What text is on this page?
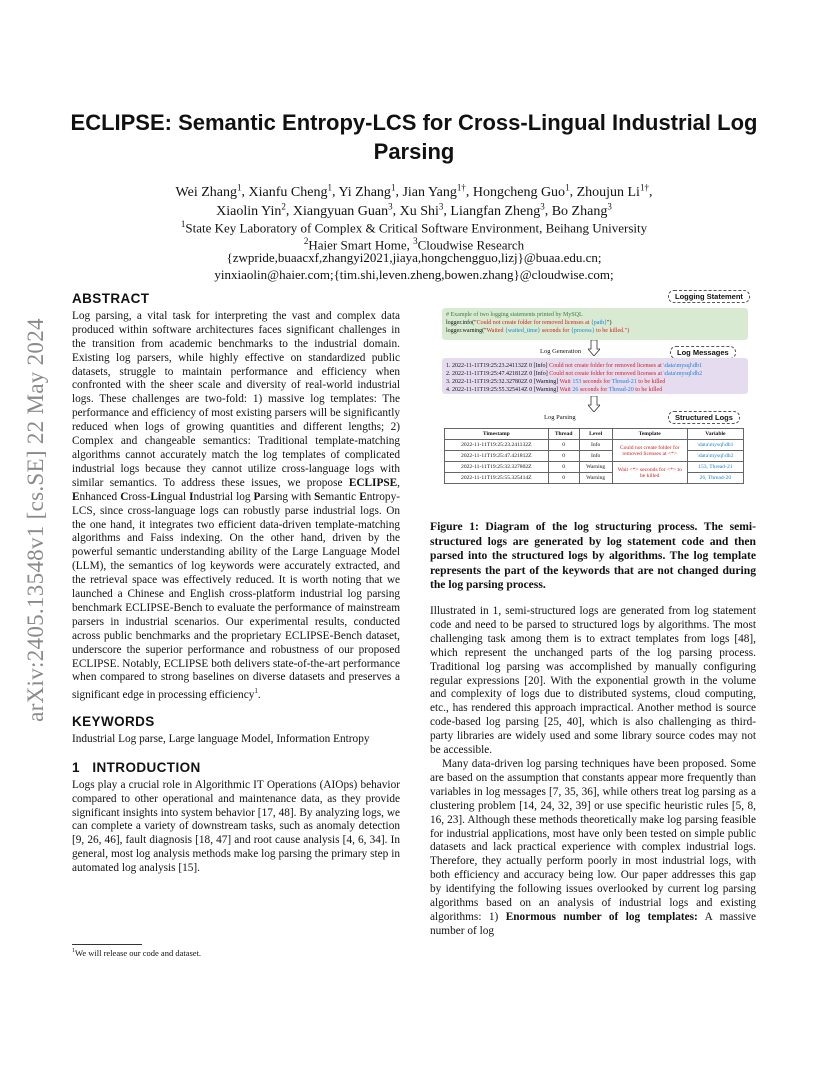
arXiv:2405.13548v1 [cs.SE] 22 May 2024
ECLIPSE: Semantic Entropy-LCS for Cross-Lingual Industrial Log Parsing
Wei Zhang$^1$, Xianfu Cheng$^1$, Yi Zhang$^1$, Jian Yang$^{1\dagger}$, Hongcheng Guo$^1$, Zhoujun $Li^{1\dagger}$,
Xiaolin Yin$^2$, Xiangyuan Guan$^3$, Xu Shi$^3$, Liangfan Zheng$^3$, Bo Zhang$^3$
$^1$State Key Laboratory of Complex & Critical Software Environment, Beihang University
$^2$Haier Smart Home, $^3$Cloudwise Research
{zwpride,buaacxf,zhangyi2021,jiaya,hongchengguo,lizj}@buaa.edu.cn;
yinxiaolin@haier.com;{tim.shi,leven.zheng,bowen.zhang}@cloudwise.com;

ABSTRACT

Log parsing, a vital task for interpreting the vast and complex data produced within software architectures faces significant challenges in the transition from academic benchmarks to the industrial domain. Existing log parsers, while highly effective on standardized public datasets, struggle to maintain performance and efficiency when confronted with the sheer scale and diversity of real-world industrial logs. These challenges are two-fold: 1) massive log templates: The performance and efficiency of most existing parsers will be significantly reduced when logs of growing quantities and different lengths; 2) Complex and changeable semantics: Traditional template-matching algorithms cannot accurately match the log templates of complicated industrial logs because they cannot utilize cross-language logs with similar semantics. To address these issues, we propose ECLIPSE, Enhanced Cross-Lingual Industrial log Parsing with Semantic Entropy-LCS, since cross-language logs can robustly parse industrial logs. On the one hand, it integrates two efficient data-driven template-matching algorithms and Faiss indexing. On the other hand, driven by the powerful semantic understanding ability of the Large Language Model (LLM), the semantics of log keywords were accurately extracted, and the retrieval space was effectively reduced. It is worth noting that we launched a Chinese and English cross-platform industrial log parsing benchmark ECLIPSE-Bench to evaluate the performance of mainstream parsers in industrial scenarios. Our experimental results, conducted across public benchmarks and the proprietary ECLIPSE-Bench dataset, underscore the superior performance and robustness of our proposed ECLIPSE. Notably, ECLIPSE both delivers state-of-the-art performance when compared to strong baselines on diverse datasets and preserves a significant edge in processing efficiency$^1$.

KEYWORDS

Industrial Log parse, Large language Model, Information Entropy

1   INTRODUCTION

Logs play a crucial role in Algorithmic IT Operations (AIOps) behavior compared to other operational and maintenance data, as they provide significant insights into system behavior [17, 48]. By analyzing logs, we can complete a variety of downstream tasks, such as anomaly detection [9, 26, 46], fault diagnosis [18, 47] and root cause analysis [4, 6, 34]. In general, most log analysis methods make log parsing the primary step in automated log analysis [15].

$^1$We will release our code and dataset.
Logging Statement
# Example of two logging statements printed by MySQL
logger.info("Could not create folder for removed licenses at {path}")
logger.warning("Waited {waited_time} seconds for {process} to be killed.")
Log Generation	Log Messages
1. 2022-11-11T19:25:23.241132Z 0 [Info] Could not create folder for removed licenses at \data\mysql\db1
2. 2022-11-11T19:25:47.421812Z 0 [Info] Could not create folder for removed licenses at \data\mysql\db2
3. 2022-11-11T19:25:32.327802Z 0 [Warning] Wait 153 seconds for Thread-21 to be killed
4. 2022-11-11T19:25:55.325414Z 0 [Warning] Wait 26 seconds for Thread-20 to be killed
Log Parsing	Structured Logs
Timestamp	Thread	Level	Template	Variable
2022-11-11T19:25:23.241132Z	0	Info	Could not create folder for removed licenses at <*>	\data\mysql\db1
2022-11-11T19:25:47.421812Z	0	Info		\data\mysql\db2
2022-11-11T19:25:32.327802Z	0	Warning	Wait <*> seconds for <*> to be killed	153, Thread-21
2022-11-11T19:25:55.325414Z	0	Warning		26, Thread-20
Figure 1: Diagram of the log structuring process. The semi-structured logs are generated by log statement code and then parsed into the structured logs by algorithms. The log template represents the part of the keywords that are not changed during the log parsing process.

Illustrated in 1, semi-structured logs are generated from log statement code and need to be parsed to structured logs by algorithms. The most challenging task among them is to extract templates from logs [48], which represent the unchanged parts of the log parsing process. Traditional log parsing was accomplished by manually configuring regular expressions [20]. With the exponential growth in the volume and complexity of logs due to distributed systems, cloud computing, etc., has rendered this approach impractical. Another method is source code-based log parsing [25, 40], which is also challenging as third-party libraries are widely used and some library source codes may not be accessible.

Many data-driven log parsing techniques have been proposed. Some are based on the assumption that constants appear more frequently than variables in log messages [7, 35, 36], while others treat log parsing as a clustering problem [14, 24, 32, 39] or use specific heuristic rules [5, 8, 16, 23]. Although these methods theoretically make log parsing feasible for industrial applications, most have only been tested on simple public datasets and lack practical experience with complex industrial logs. Therefore, they actually perform poorly in most industrial logs, with both efficiency and accuracy being low. Our paper addresses this gap by identifying the following issues overlooked by current log parsing algorithms based on an analysis of industrial logs and existing algorithms: 1) Enormous number of log templates: A massive number of log
